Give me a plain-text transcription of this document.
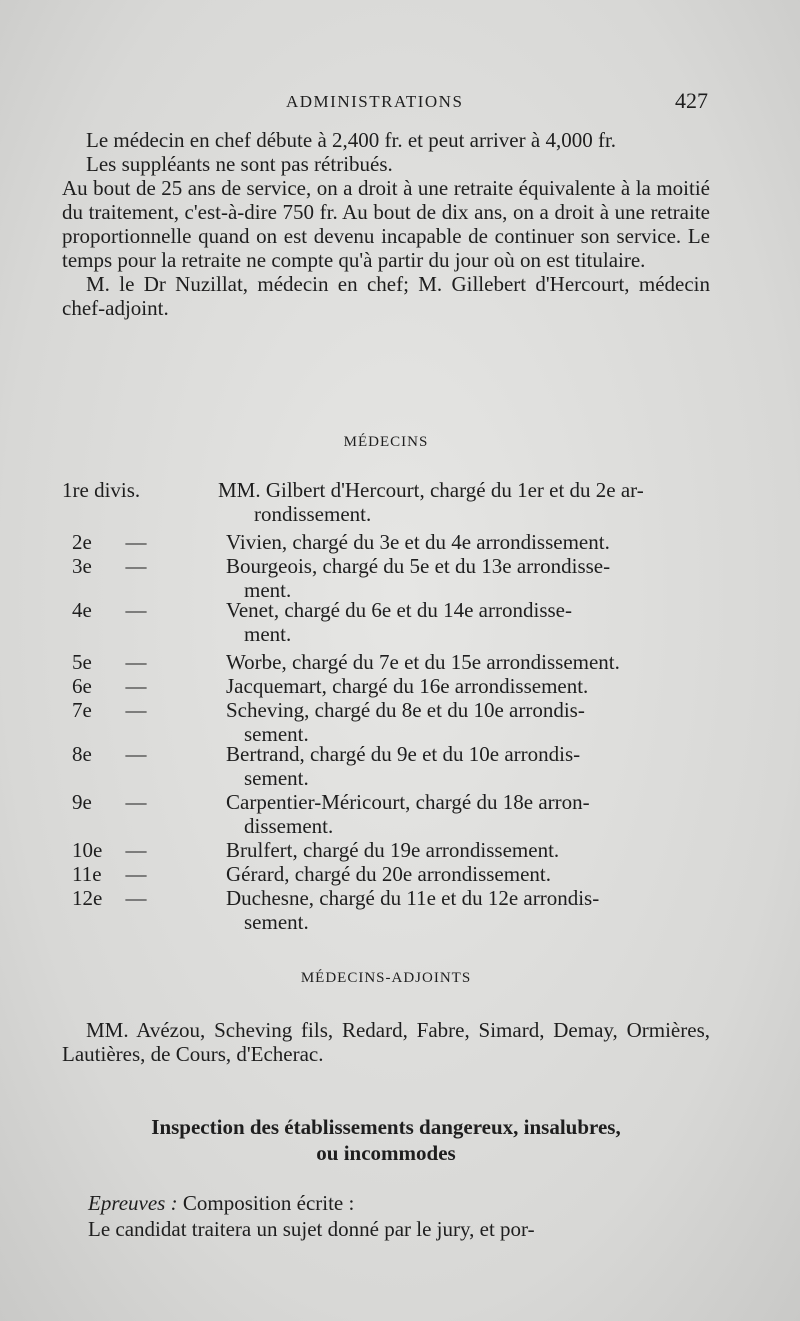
ADMINISTRATIONS	427

Le médecin en chef débute à 2,400 fr. et peut arriver à 4,000 fr.

Les suppléants ne sont pas rétribués.

Au bout de 25 ans de service, on a droit à une retraite équivalente à la moitié du traitement, c'est-à-dire 750 fr. Au bout de dix ans, on a droit à une retraite proportionnelle quand on est devenu incapable de continuer son service. Le temps pour la retraite ne compte qu'à partir du jour où on est titulaire.

M. le Dr Nuzillat, médecin en chef; M. Gillebert d'Hercourt, médecin chef-adjoint.

MÉDECINS
1re divis.	MM. Gilbert d'Hercourt, chargé du 1er et du 2e ar-
rondissement.
2e —	Vivien, chargé du 3e et du 4e arrondissement.
3e —	Bourgeois, chargé du 5e et du 13e arrondisse-
ment.
4e —	Venet, chargé du 6e et du 14e arrondisse-
ment.
5e —	Worbe, chargé du 7e et du 15e arrondissement.
6e —	Jacquemart, chargé du 16e arrondissement.
7e —	Scheving, chargé du 8e et du 10e arrondis-
sement.
8e —	Bertrand, chargé du 9e et du 10e arrondis-
sement.
9e —	Carpentier-Méricourt, chargé du 18e arron-
dissement.
10e —	Brulfert, chargé du 19e arrondissement.
11e —	Gérard, chargé du 20e arrondissement.
12e —	Duchesne, chargé du 11e et du 12e arrondis-
sement.
MÉDECINS-ADJOINTS
MM. Avézou, Scheving fils, Redard, Fabre, Simard, Demay, Ormières, Lautières, de Cours, d'Echerac.
Inspection des établissements dangereux, insalubres,
ou incommodes
Epreuves : Composition écrite :
Le candidat traitera un sujet donné par le jury, et por-
